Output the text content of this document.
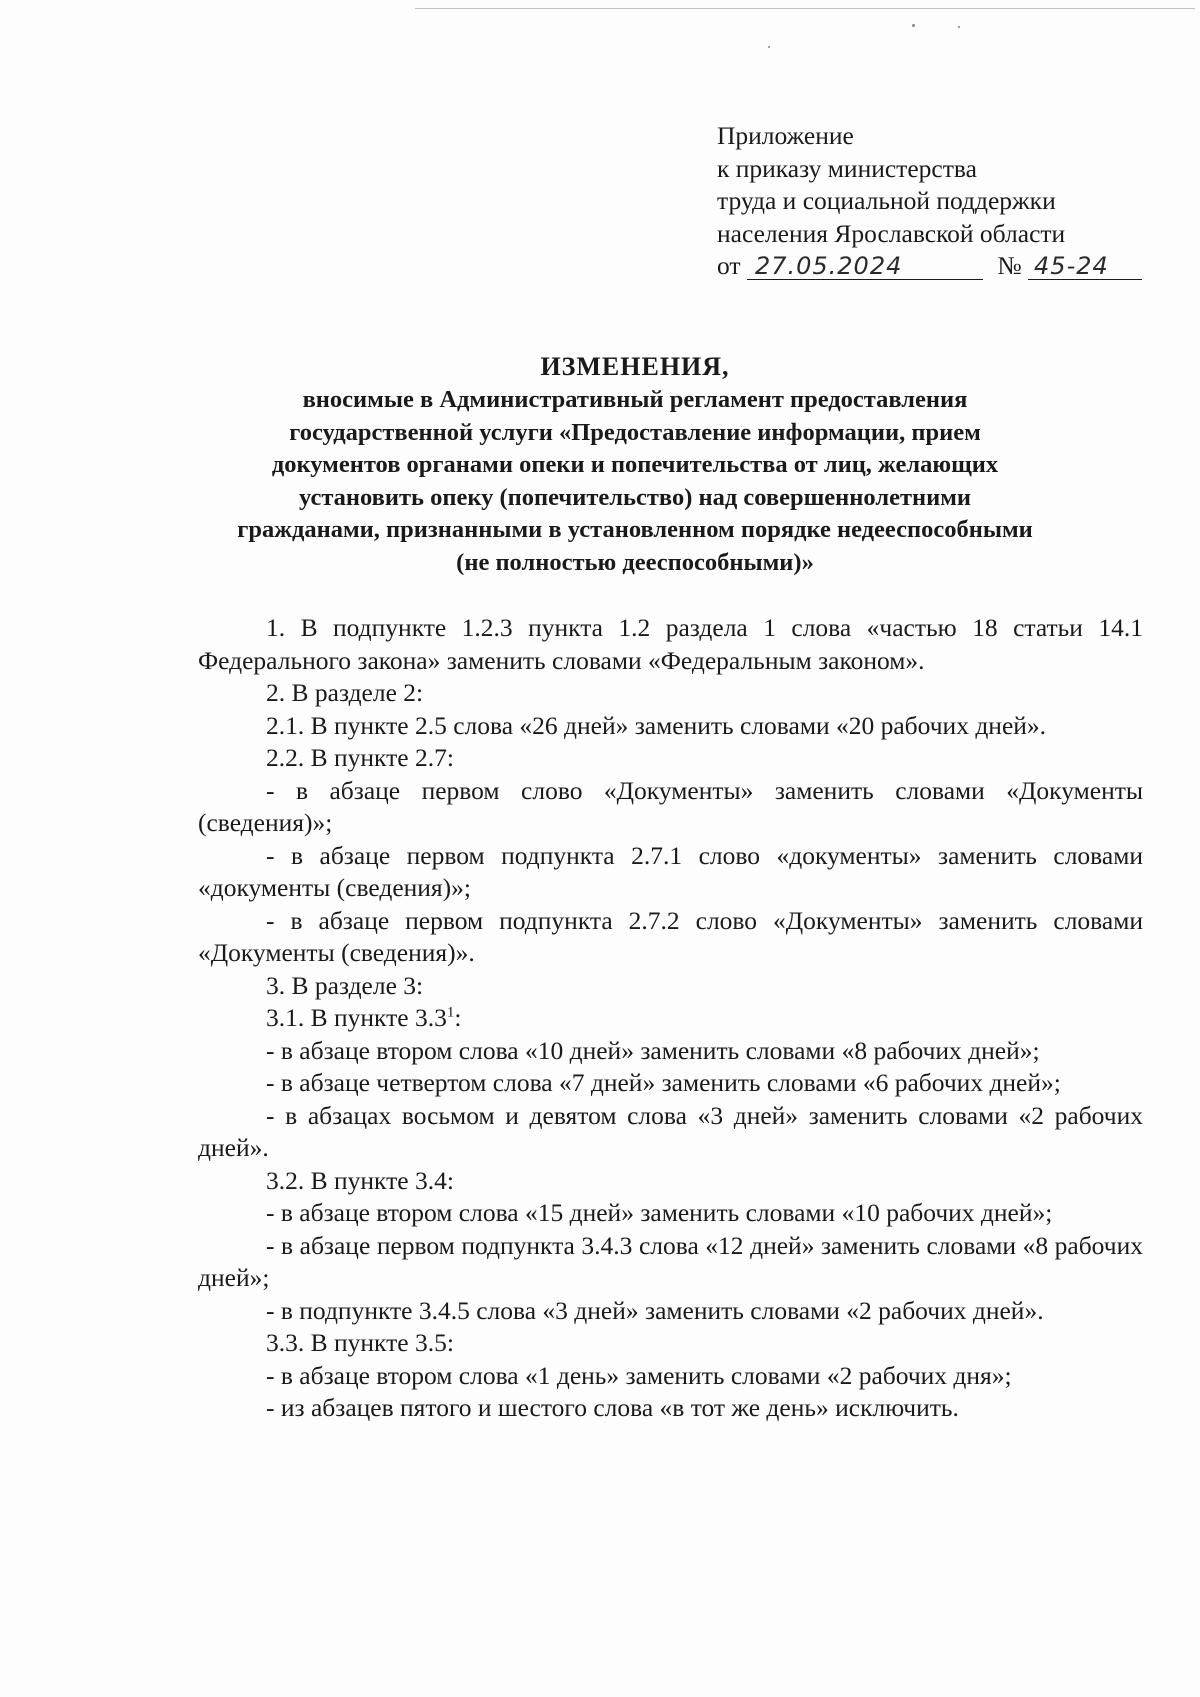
Приложение
к приказу министерства
труда и социальной поддержки
населения Ярославской области
от 27.05.2024	№ 45-24
ИЗМЕНЕНИЯ,
вносимые в Административный регламент предоставления
государственной услуги «Предоставление информации, прием
документов органами опеки и попечительства от лиц, желающих
установить опеку (попечительство) над совершеннолетними
гражданами, признанными в установленном порядке недееспособными
(не полностью дееспособными)»

1. В подпункте 1.2.3 пункта 1.2 раздела 1 слова «частью 18 статьи 14.1 Федерального закона» заменить словами «Федеральным законом».

2. В разделе 2:

2.1. В пункте 2.5 слова «26 дней» заменить словами «20 рабочих дней».

2.2. В пункте 2.7:

- в абзаце первом слово «Документы» заменить словами «Документы (сведения)»;

- в абзаце первом подпункта 2.7.1 слово «документы» заменить словами «документы (сведения)»;

- в абзаце первом подпункта 2.7.2 слово «Документы» заменить словами «Документы (сведения)».

3. В разделе 3:

3.1. В пункте $3.3^1$:

- в абзаце втором слова «10 дней» заменить словами «8 рабочих дней»;

- в абзаце четвертом слова «7 дней» заменить словами «6 рабочих дней»;

- в абзацах восьмом и девятом слова «3 дней» заменить словами «2 рабочих дней».

3.2. В пункте 3.4:

- в абзаце втором слова «15 дней» заменить словами «10 рабочих дней»;

- в абзаце первом подпункта 3.4.3 слова «12 дней» заменить словами «8 рабочих дней»;

- в подпункте 3.4.5 слова «3 дней» заменить словами «2 рабочих дней».

3.3. В пункте 3.5:

- в абзаце втором слова «1 день» заменить словами «2 рабочих дня»;

- из абзацев пятого и шестого слова «в тот же день» исключить.
